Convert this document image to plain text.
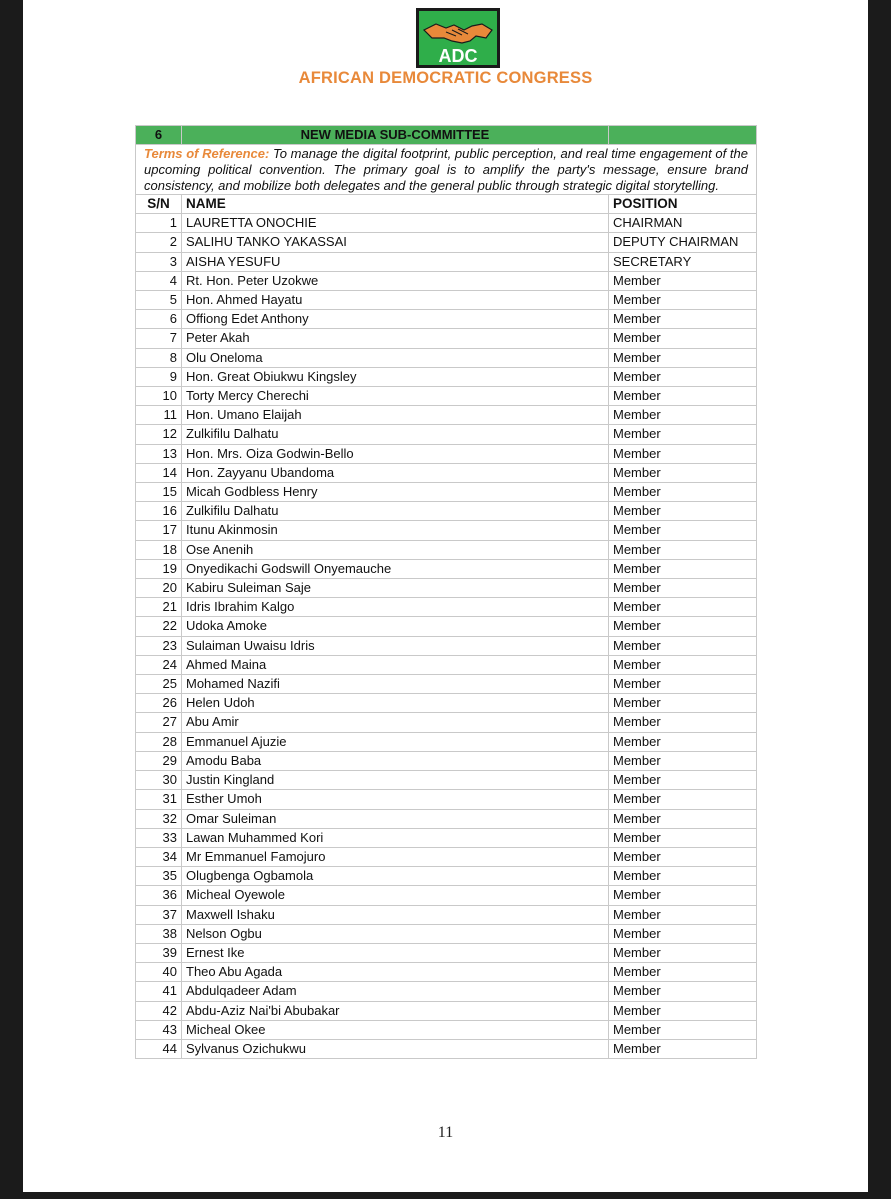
ADC
AFRICAN DEMOCRATIC CONGRESS
6	NEW MEDIA SUB-COMMITTEE	
Terms of Reference: To manage the digital footprint, public perception, and real time engagement of the upcoming political convention. The primary goal is to amplify the party's message, ensure brand consistency, and mobilize both delegates and the general public through strategic digital storytelling.		
S/N	NAME	POSITION
1	LAURETTA ONOCHIE	CHAIRMAN
2	SALIHU TANKO YAKASSAI	DEPUTY CHAIRMAN
3	AISHA YESUFU	SECRETARY
4	Rt. Hon. Peter Uzokwe	Member
5	Hon. Ahmed Hayatu	Member
6	Offiong Edet Anthony	Member
7	Peter Akah	Member
8	Olu Oneloma	Member
9	Hon. Great Obiukwu Kingsley	Member
10	Torty Mercy Cherechi	Member
11	Hon. Umano Elaijah	Member
12	Zulkifilu Dalhatu	Member
13	Hon. Mrs. Oiza Godwin-Bello	Member
14	Hon. Zayyanu Ubandoma	Member
15	Micah Godbless Henry	Member
16	Zulkifilu Dalhatu	Member
17	Itunu Akinmosin	Member
18	Ose Anenih	Member
19	Onyedikachi Godswill Onyemauche	Member
20	Kabiru Suleiman Saje	Member
21	Idris Ibrahim Kalgo	Member
22	Udoka Amoke	Member
23	Sulaiman Uwaisu Idris	Member
24	Ahmed Maina	Member
25	Mohamed Nazifi	Member
26	Helen Udoh	Member
27	Abu Amir	Member
28	Emmanuel Ajuzie	Member
29	Amodu Baba	Member
30	Justin Kingland	Member
31	Esther Umoh	Member
32	Omar Suleiman	Member
33	Lawan Muhammed Kori	Member
34	Mr Emmanuel Famojuro	Member
35	Olugbenga Ogbamola	Member
36	Micheal Oyewole	Member
37	Maxwell Ishaku	Member
38	Nelson Ogbu	Member
39	Ernest Ike	Member
40	Theo Abu Agada	Member
41	Abdulqadeer Adam	Member
42	Abdu-Aziz Nai'bi Abubakar	Member
43	Micheal Okee	Member
44	Sylvanus Ozichukwu	Member
11
